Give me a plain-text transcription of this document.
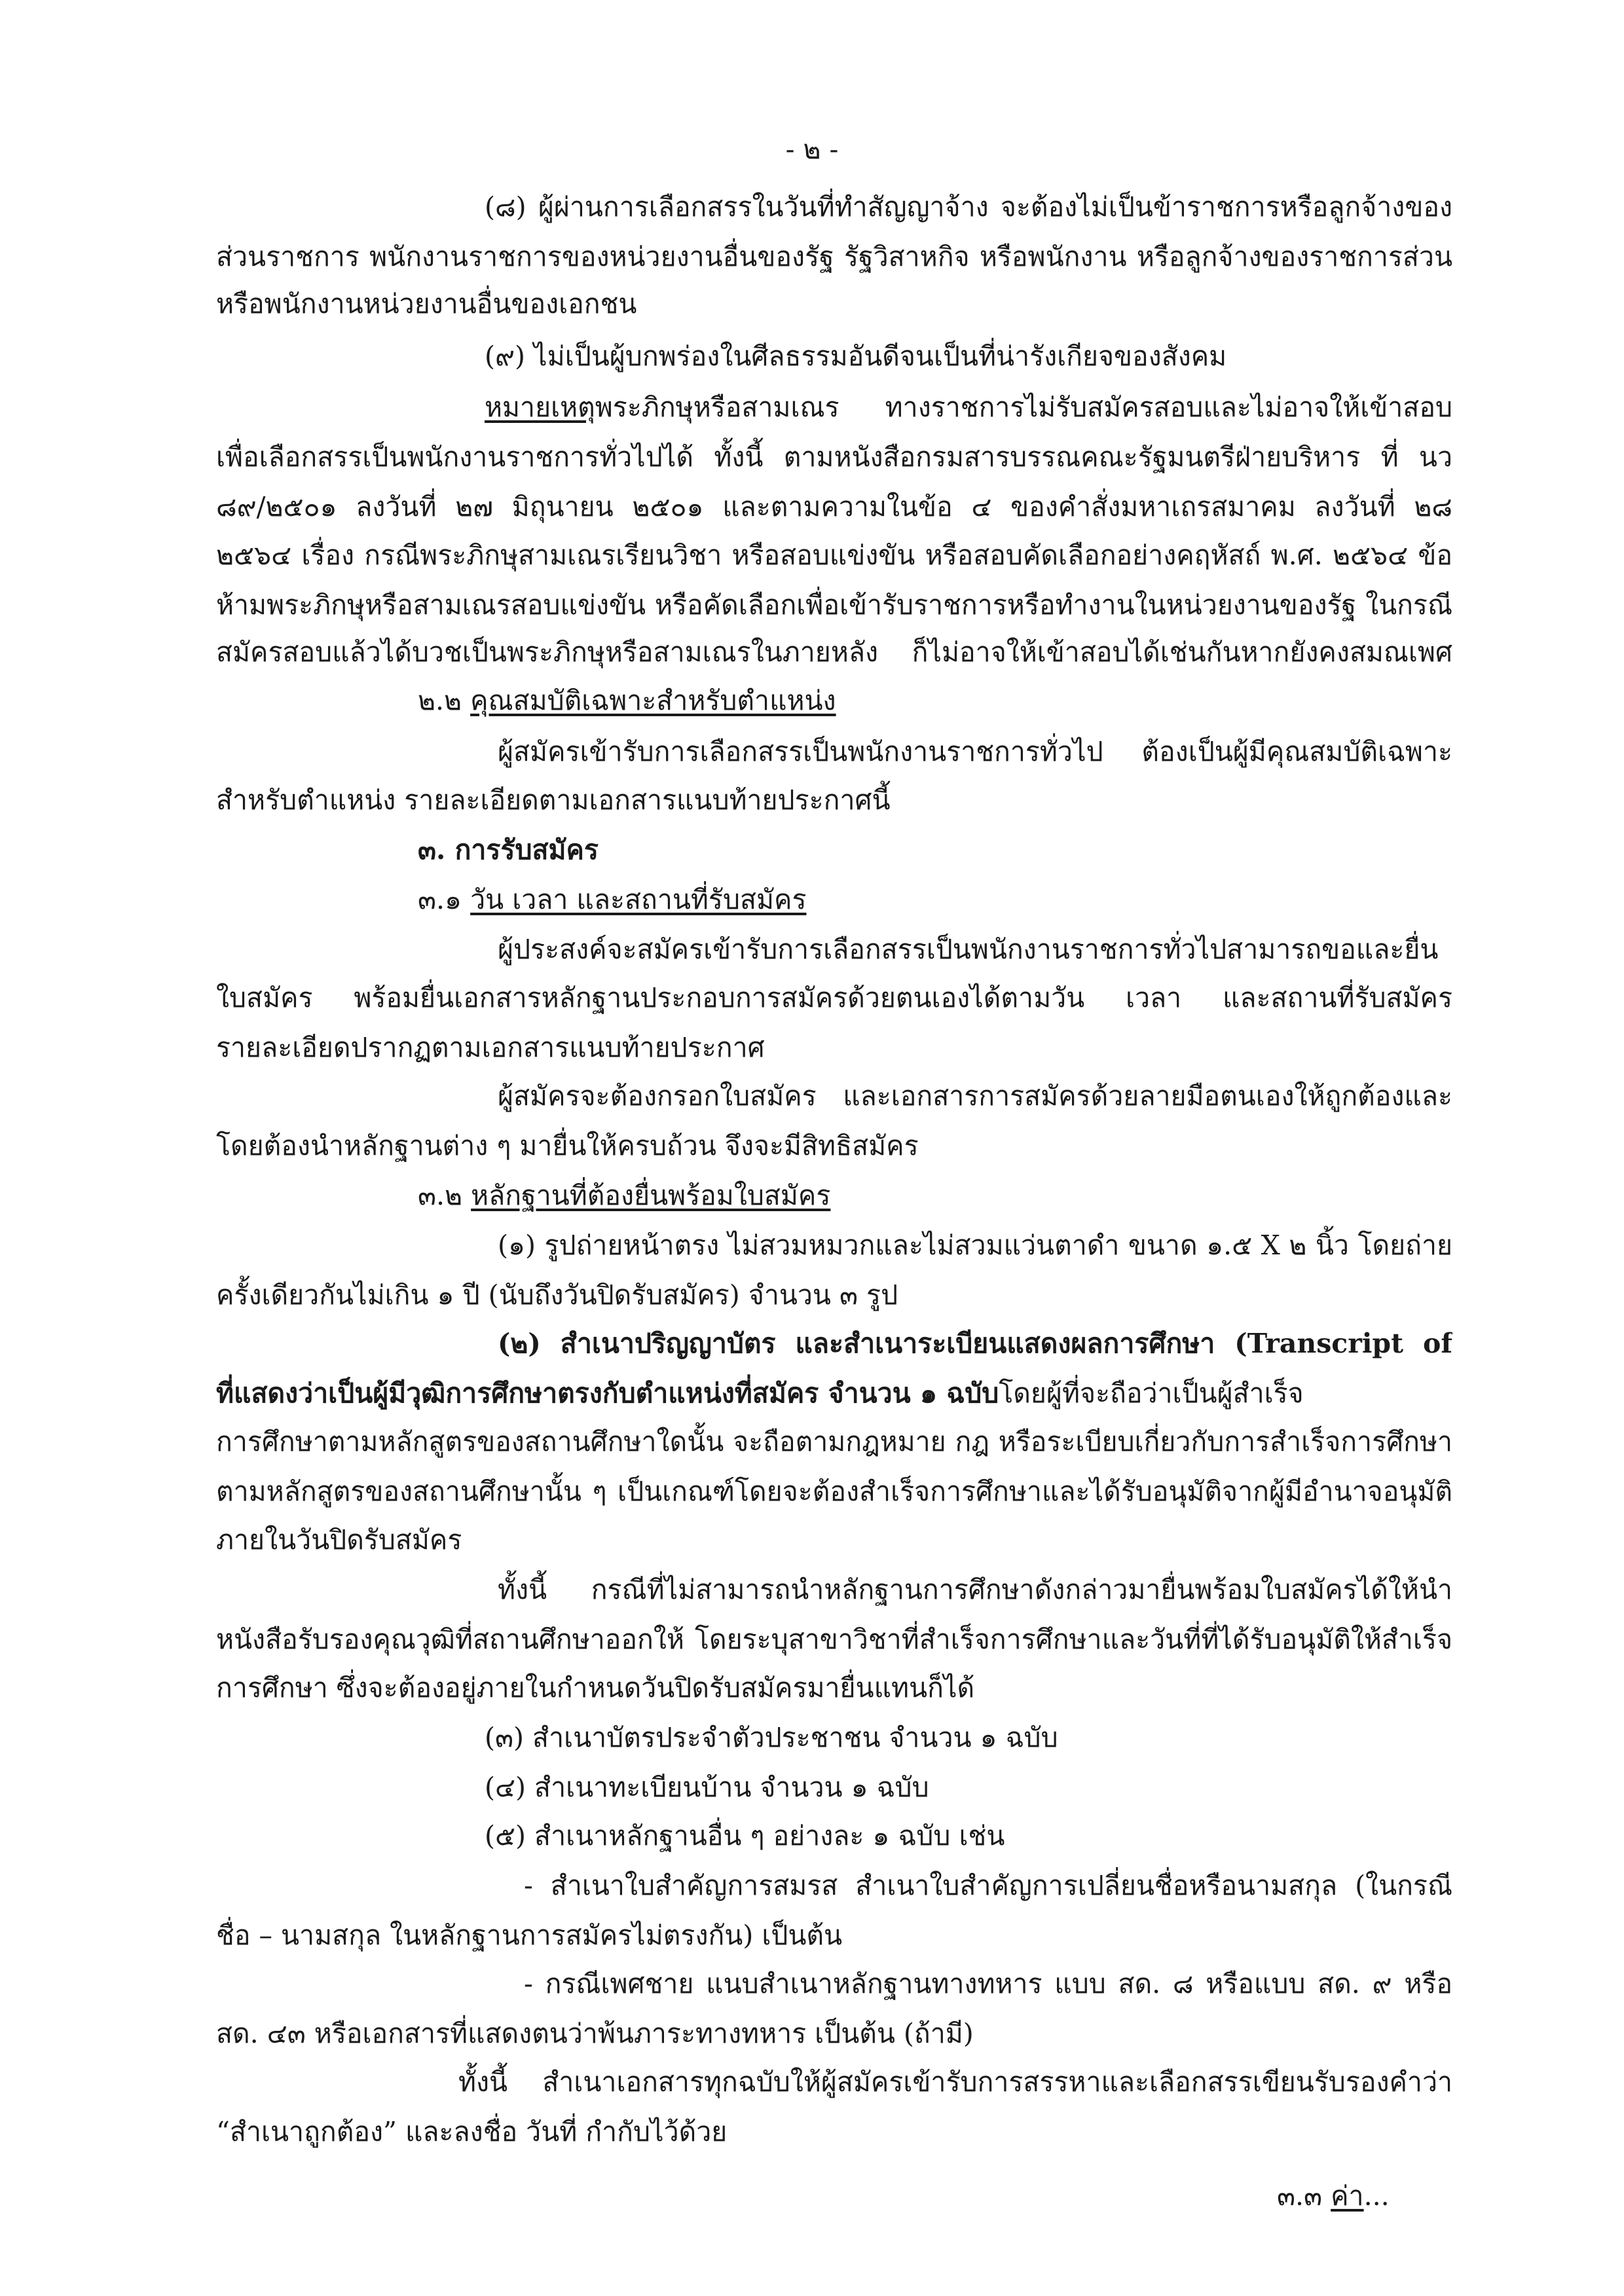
- ๒ -
(๘) ผู้ผ่านการเลือกสรรในวันที่ทำสัญญาจ้าง จะต้องไม่เป็นข้าราชการหรือลูกจ้างของ
ส่วนราชการ พนักงานราชการของหน่วยงานอื่นของรัฐ รัฐวิสาหกิจ หรือพนักงาน หรือลูกจ้างของราชการส่วน
หรือพนักงานหน่วยงานอื่นของเอกชน
(๙) ไม่เป็นผู้บกพร่องในศีลธรรมอันดีจนเป็นที่น่ารังเกียจของสังคม
หมายเหตุ พระภิกษุหรือสามเณร ทางราชการไม่รับสมัครสอบและไม่อาจให้เข้าสอบ
เพื่อเลือกสรรเป็นพนักงานราชการทั่วไปได้ ทั้งนี้ ตามหนังสือกรมสารบรรณคณะรัฐมนตรีฝ่ายบริหาร ที่ นว
๘๙/๒๕๐๑ ลงวันที่ ๒๗ มิถุนายน ๒๕๐๑ และตามความในข้อ ๔ ของคำสั่งมหาเถรสมาคม ลงวันที่ ๒๘
๒๕๖๔ เรื่อง กรณีพระภิกษุสามเณรเรียนวิชา หรือสอบแข่งขัน หรือสอบคัดเลือกอย่างคฤหัสถ์ พ.ศ. ๒๕๖๔ ข้อ
ห้ามพระภิกษุหรือสามเณรสอบแข่งขัน หรือคัดเลือกเพื่อเข้ารับราชการหรือทำงานในหน่วยงานของรัฐ ในกรณี
สมัครสอบแล้วได้บวชเป็นพระภิกษุหรือสามเณรในภายหลัง ก็ไม่อาจให้เข้าสอบได้เช่นกันหากยังคงสมณเพศ
๒.๒ คุณสมบัติเฉพาะสำหรับตำแหน่ง
ผู้สมัครเข้ารับการเลือกสรรเป็นพนักงานราชการทั่วไป ต้องเป็นผู้มีคุณสมบัติเฉพาะ
สำหรับตำแหน่ง รายละเอียดตามเอกสารแนบท้ายประกาศนี้
๓. การรับสมัคร
๓.๑ วัน เวลา และสถานที่รับสมัคร
ผู้ประสงค์จะสมัครเข้ารับการเลือกสรรเป็นพนักงานราชการทั่วไปสามารถขอและยื่น
ใบสมัคร พร้อมยื่นเอกสารหลักฐานประกอบการสมัครด้วยตนเองได้ตามวัน เวลา และสถานที่รับสมัคร
รายละเอียดปรากฏตามเอกสารแนบท้ายประกาศ
ผู้สมัครจะต้องกรอกใบสมัคร และเอกสารการสมัครด้วยลายมือตนเองให้ถูกต้องและ
โดยต้องนำหลักฐานต่าง ๆ มายื่นให้ครบถ้วน จึงจะมีสิทธิสมัคร
๓.๒ หลักฐานที่ต้องยื่นพร้อมใบสมัคร
(๑) รูปถ่ายหน้าตรง ไม่สวมหมวกและไม่สวมแว่นตาดำ ขนาด ๑.๕ X ๒ นิ้ว โดยถ่าย
ครั้งเดียวกันไม่เกิน ๑ ปี (นับถึงวันปิดรับสมัคร) จำนวน ๓ รูป
(๒) สำเนาปริญญาบัตร และสำเนาระเบียนแสดงผลการศึกษา (Transcript of
ที่แสดงว่าเป็นผู้มีวุฒิการศึกษาตรงกับตำแหน่งที่สมัคร จำนวน ๑ ฉบับ โดยผู้ที่จะถือว่าเป็นผู้สำเร็จ
การศึกษาตามหลักสูตรของสถานศึกษาใดนั้น จะถือตามกฎหมาย กฎ หรือระเบียบเกี่ยวกับการสำเร็จการศึกษา
ตามหลักสูตรของสถานศึกษานั้น ๆ เป็นเกณฑ์โดยจะต้องสำเร็จการศึกษาและได้รับอนุมัติจากผู้มีอำนาจอนุมัติ
ภายในวันปิดรับสมัคร
ทั้งนี้ กรณีที่ไม่สามารถนำหลักฐานการศึกษาดังกล่าวมายื่นพร้อมใบสมัครได้ให้นำ
หนังสือรับรองคุณวุฒิที่สถานศึกษาออกให้ โดยระบุสาขาวิชาที่สำเร็จการศึกษาและวันที่ที่ได้รับอนุมัติให้สำเร็จ
การศึกษา ซึ่งจะต้องอยู่ภายในกำหนดวันปิดรับสมัครมายื่นแทนก็ได้
(๓) สำเนาบัตรประจำตัวประชาชน จำนวน ๑ ฉบับ
(๔) สำเนาทะเบียนบ้าน จำนวน ๑ ฉบับ
(๕) สำเนาหลักฐานอื่น ๆ อย่างละ ๑ ฉบับ เช่น
- สำเนาใบสำคัญการสมรส สำเนาใบสำคัญการเปลี่ยนชื่อหรือนามสกุล (ในกรณี
ชื่อ – นามสกุล ในหลักฐานการสมัครไม่ตรงกัน) เป็นต้น
- กรณีเพศชาย แนบสำเนาหลักฐานทางทหาร แบบ สด. ๘ หรือแบบ สด. ๙ หรือ
สด. ๔๓ หรือเอกสารที่แสดงตนว่าพ้นภาระทางทหาร เป็นต้น (ถ้ามี)
ทั้งนี้ สำเนาเอกสารทุกฉบับให้ผู้สมัครเข้ารับการสรรหาและเลือกสรรเขียนรับรองคำว่า
“สำเนาถูกต้อง” และลงชื่อ วันที่ กำกับไว้ด้วย
๓.๓ ค่า...
